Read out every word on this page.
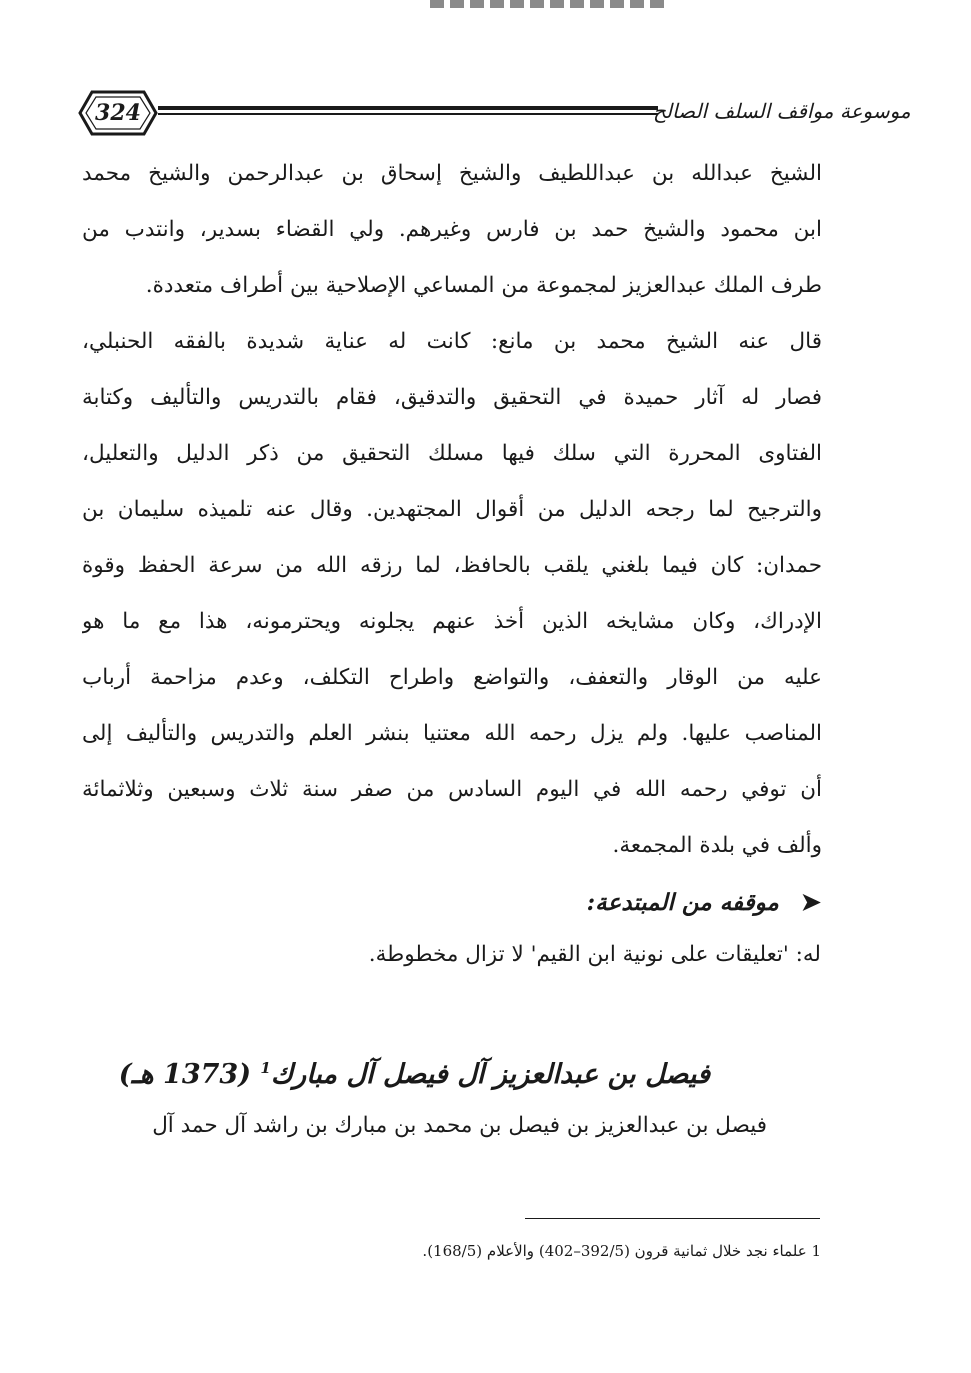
324	موسوعة مواقف السلف الصالح
الشيخ عبدالله بن عبداللطيف والشيخ إسحاق بن عبدالرحمن والشيخ محمد
ابن محمود والشيخ حمد بن فارس وغيرهم. ولي القضاء بسدير، وانتدب من
طرف الملك عبدالعزيز لمجموعة من المساعي الإصلاحية بين أطراف متعددة.
قال عنه الشيخ محمد بن مانع: كانت له عناية شديدة بالفقه الحنبلي،
فصار له آثار حميدة في التحقيق والتدقيق، فقام بالتدريس والتأليف وكتابة
الفتاوى المحررة التي سلك فيها مسلك التحقيق من ذكر الدليل والتعليل،
والترجيح لما رجحه الدليل من أقوال المجتهدين. وقال عنه تلميذه سليمان بن
حمدان: كان فيما بلغني يلقب بالحافظ، لما رزقه الله من سرعة الحفظ وقوة
الإدراك، وكان مشايخه الذين أخذ عنهم يجلونه ويحترمونه، هذا مع ما هو
عليه من الوقار والتعفف، والتواضع واطراح التكلف، وعدم مزاحمة أرباب
المناصب عليها. ولم يزل رحمه الله معتنيا بنشر العلم والتدريس والتأليف إلى
أن توفي رحمه الله في اليوم السادس من صفر سنة ثلاث وسبعين وثلاثمائة
وألف في بلدة المجمعة.
➤ موقفه من المبتدعة:
له: 'تعليقات على نونية ابن القيم' لا تزال مخطوطة.
فيصل بن عبدالعزيز آل فيصل آل مبارك$^1$ (1373 هـ)
فيصل بن عبدالعزيز بن فيصل بن محمد بن مبارك بن راشد آل حمد آل
1 علماء نجد خلال ثمانية قرون (392/5–402) والأعلام (168/5).
